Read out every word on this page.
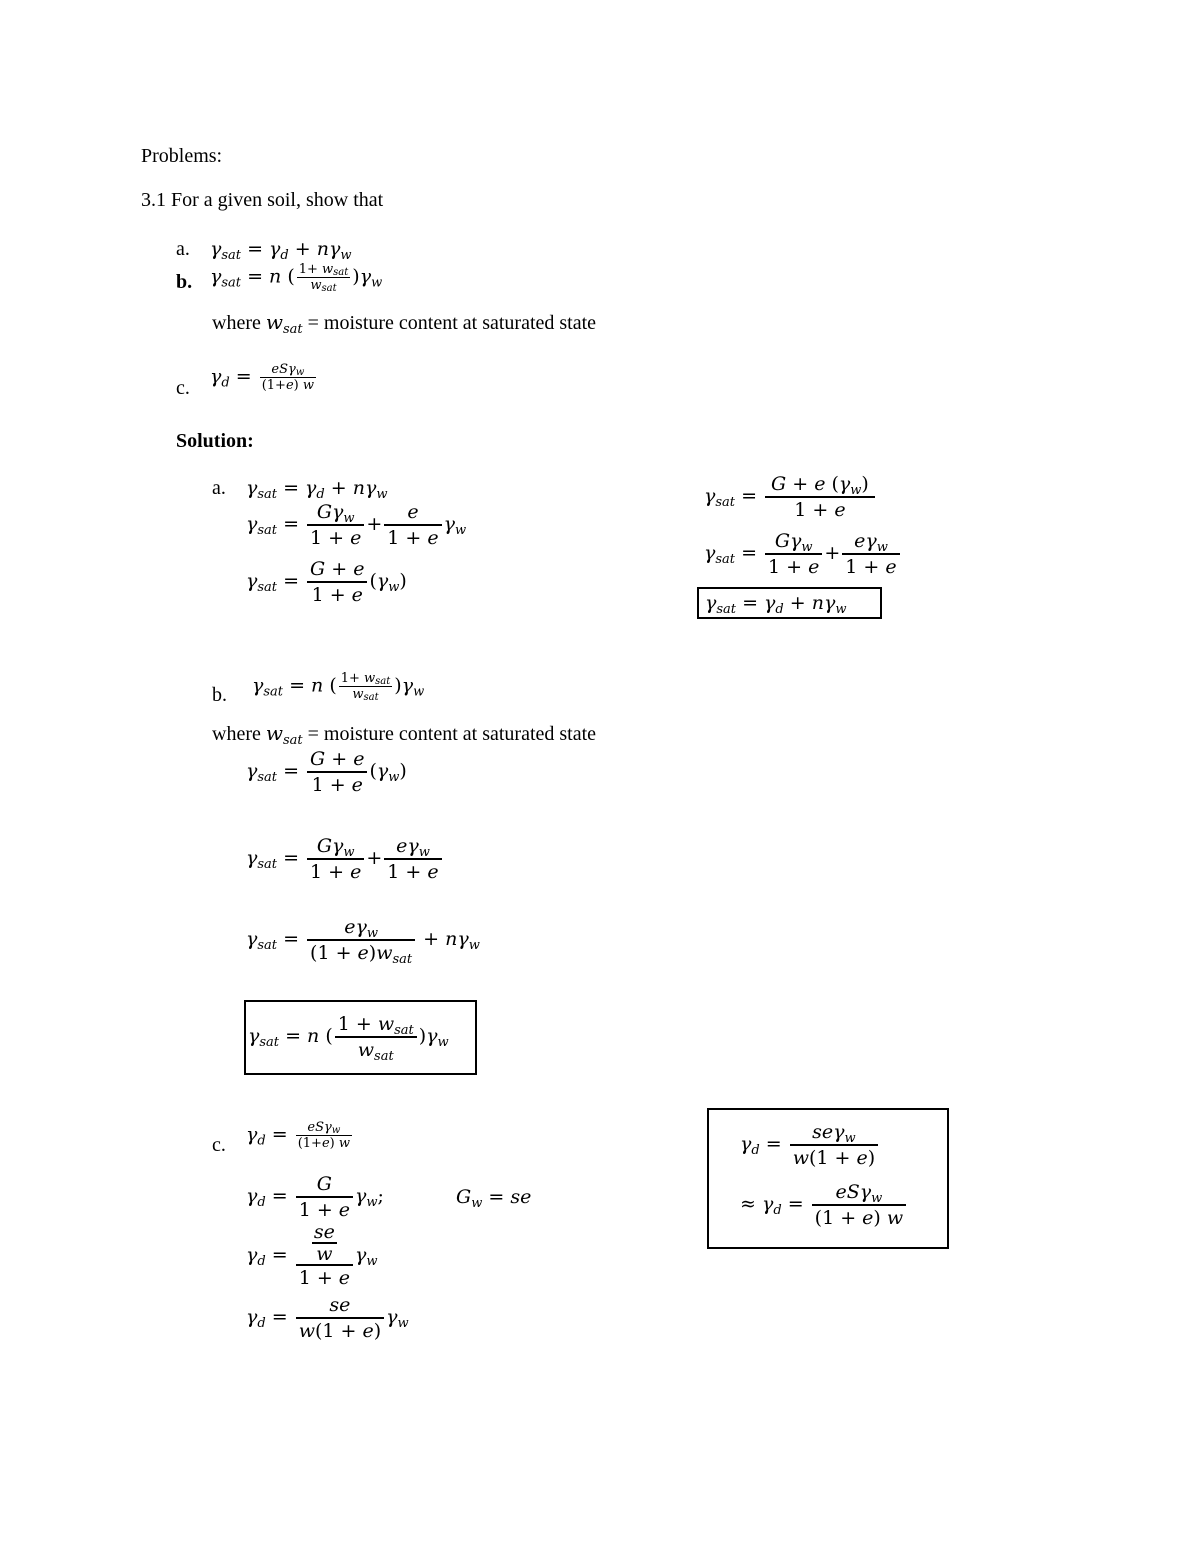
Problems:
3.1 For a given soil, show that
a. $\gamma_{sat} = \gamma_d + n\gamma_w$
b. $\gamma_{sat} = n$ ( $\frac{1+ w_{sat}}{w_{sat}} )\gamma_w$
where $w_{sat}$ = moisture content at saturated state
c.
$\gamma_d = \frac{eS\gamma_w}{(1+e) w}$
Solution:
a. $\gamma_{sat} = \gamma_d + n\gamma_w$
$\gamma_{sat} = \frac{G\gamma_w}{1 + e} + \frac{e}{1 + e} \gamma_w$
$\gamma_{sat} = \frac{G + e}{1 + e} (\gamma_w)$
$\gamma_{sat} = \frac{G + e (\gamma_w)}{1 + e}$
$\gamma_{sat} = \frac{G\gamma_w}{1 + e} + \frac{e\gamma_w}{1 + e}$
$\gamma_{sat} = \gamma_d + n\gamma_w$
b. $\gamma_{sat} = n$ ( $\frac{1+ w_{sat}}{w_{sat}} )\gamma_w$
where $w_{sat}$ = moisture content at saturated state
$\gamma_{sat} = \frac{G + e}{1 + e} (\gamma_w)$
$\gamma_{sat} = \frac{G\gamma_w}{1 + e} + \frac{e\gamma_w}{1 + e}$
$\gamma_{sat} = \frac{e\gamma_w}{(1 + e)w_{sat}} + n\gamma_w$
$\gamma_{sat} = n$ ( $\frac{1 + w_{sat}}{w_{sat}} )\gamma_w$
c. $\gamma_d = \frac{eS\gamma_w}{(1+e) w}$
$\gamma_d = \frac{G}{1 + e} \gamma_w$;	$G_w$ = se
$\gamma_d = \frac{\frac{se}{w}}{1 + e} \gamma_w$
$\gamma_d = \frac{se}{w(1 + e)} \gamma_w$
$\gamma_d = \frac{se\gamma_w}{w(1 + e)}$
≈ $\gamma_d = \frac{eS\gamma_w}{(1 + e) w}$
